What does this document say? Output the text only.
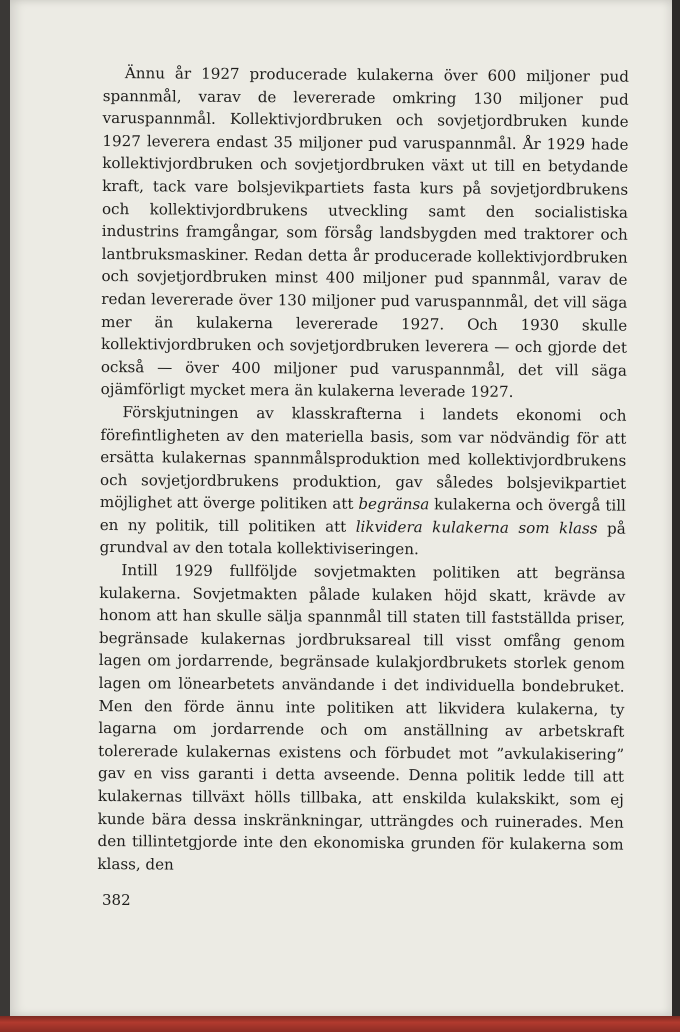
Ännu år 1927 producerade kulakerna över 600 miljoner pud spannmål, varav de levererade omkring 130 miljoner pud varuspannmål. Kollektivjordbruken och sovjetjordbruken kunde 1927 leverera endast 35 miljoner pud varuspannmål. År 1929 hade kollektivjordbruken och sovjetjordbruken växt ut till en betydande kraft, tack vare bolsjevikpartiets fasta kurs på sovjetjordbrukens och kollektivjordbrukens utveckling samt den socialistiska industrins framgångar, som försåg landsbygden med traktorer och lantbruksmaskiner. Redan detta år producerade kollektivjordbruken och sovjetjordbruken minst 400 miljoner pud spannmål, varav de redan levererade över 130 miljoner pud varuspannmål, det vill säga mer än kulakerna levererade 1927. Och 1930 skulle kollektivjordbruken och sovjetjordbruken leverera — och gjorde det också — över 400 miljoner pud varuspannmål, det vill säga ojämförligt mycket mera än kulakerna leverade 1927.

Förskjutningen av klasskrafterna i landets ekonomi och förefintligheten av den materiella basis, som var nödvändig för att ersätta kulakernas spannmålsproduktion med kollektivjordbrukens och sovjetjordbrukens produktion, gav således bolsjevikpartiet möjlighet att överge politiken att begränsa kulakerna och övergå till en ny politik, till politiken att likvidera kulakerna som klass på grundval av den totala kollektiviseringen.

Intill 1929 fullföljde sovjetmakten politiken att begränsa kulakerna. Sovjetmakten pålade kulaken höjd skatt, krävde av honom att han skulle sälja spannmål till staten till fastställda priser, begränsade kulakernas jordbruksareal till visst omfång genom lagen om jordarrende, begränsade kulakjordbrukets storlek genom lagen om lönearbetets användande i det individuella bondebruket. Men den förde ännu inte politiken att likvidera kulakerna, ty lagarna om jordarrende och om anställning av arbetskraft tolererade kulakernas existens och förbudet mot ”avkulakisering” gav en viss garanti i detta avseende. Denna politik ledde till att kulakernas tillväxt hölls tillbaka, att enskilda kulakskikt, som ej kunde bära dessa inskränkningar, utträngdes och ruinerades. Men den tillintetgjorde inte den ekonomiska grunden för kulakerna som klass, den

382
